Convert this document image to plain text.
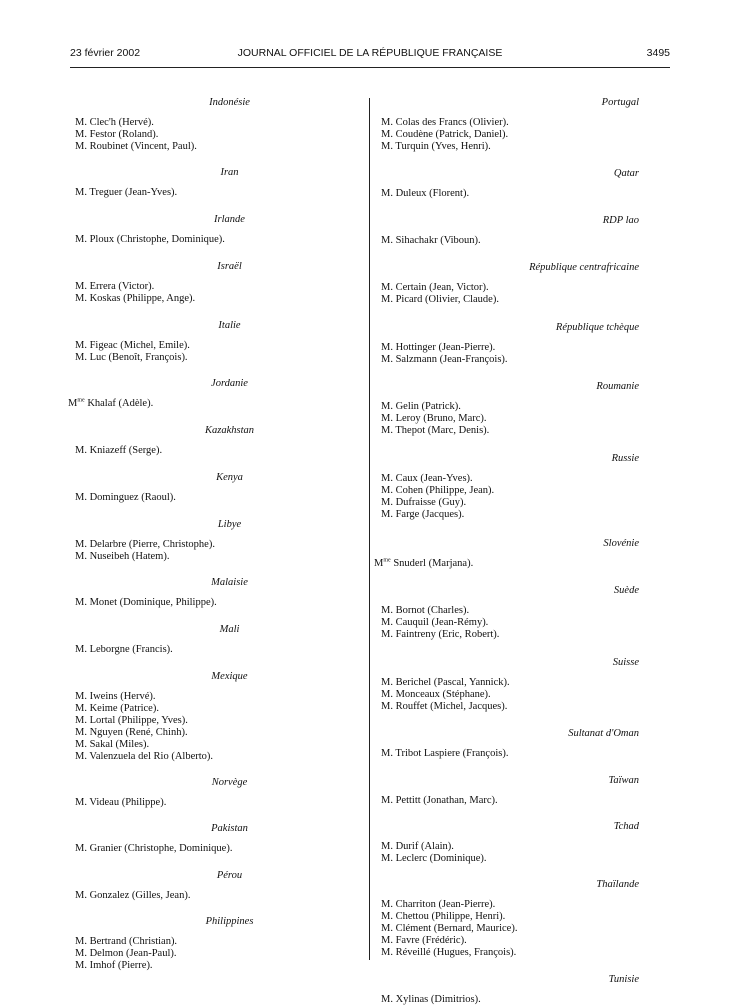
23 février 2002	JOURNAL OFFICIEL DE LA RÉPUBLIQUE FRANÇAISE	3495
Indonésie
M. Clec'h (Hervé).
M. Festor (Roland).
M. Roubinet (Vincent, Paul).
Iran
M. Treguer (Jean-Yves).
Irlande
M. Ploux (Christophe, Dominique).
Israël
M. Errera (Victor).
M. Koskas (Philippe, Ange).
Italie
M. Figeac (Michel, Emile).
M. Luc (Benoît, François).
Jordanie
$M^{me}$ Khalaf (Adèle).
Kazakhstan
M. Kniazeff (Serge).
Kenya
M. Dominguez (Raoul).
Libye
M. Delarbre (Pierre, Christophe).
M. Nuseibeh (Hatem).
Malaisie
M. Monet (Dominique, Philippe).
Mali
M. Leborgne (Francis).
Mexique
M. Iweins (Hervé).
M. Keime (Patrice).
M. Lortal (Philippe, Yves).
M. Nguyen (René, Chinh).
M. Sakal (Miles).
M. Valenzuela del Rio (Alberto).
Norvège
M. Videau (Philippe).
Pakistan
M. Granier (Christophe, Dominique).
Pérou
M. Gonzalez (Gilles, Jean).
Philippines
M. Bertrand (Christian).
M. Delmon (Jean-Paul).
M. Imhof (Pierre).
Portugal
M. Colas des Francs (Olivier).
M. Coudène (Patrick, Daniel).
M. Turquin (Yves, Henri).
Qatar
M. Duleux (Florent).
RDP lao
M. Sihachakr (Viboun).
République centrafricaine
M. Certain (Jean, Victor).
M. Picard (Olivier, Claude).
République tchèque
M. Hottinger (Jean-Pierre).
M. Salzmann (Jean-François).
Roumanie
M. Gelin (Patrick).
M. Leroy (Bruno, Marc).
M. Thepot (Marc, Denis).
Russie
M. Caux (Jean-Yves).
M. Cohen (Philippe, Jean).
M. Dufraisse (Guy).
M. Farge (Jacques).
Slovénie
$M^{me}$ Snuderl (Marjana).
Suède
M. Bornot (Charles).
M. Cauquil (Jean-Rémy).
M. Faintreny (Eric, Robert).
Suisse
M. Berichel (Pascal, Yannick).
M. Monceaux (Stéphane).
M. Rouffet (Michel, Jacques).
Sultanat d'Oman
M. Tribot Laspiere (François).
Taïwan
M. Pettitt (Jonathan, Marc).
Tchad
M. Durif (Alain).
M. Leclerc (Dominique).
Thaïlande
M. Charriton (Jean-Pierre).
M. Chettou (Philippe, Henri).
M. Clément (Bernard, Maurice).
M. Favre (Frédéric).
M. Réveillé (Hugues, François).
Tunisie
M. Xylinas (Dimitrios).
